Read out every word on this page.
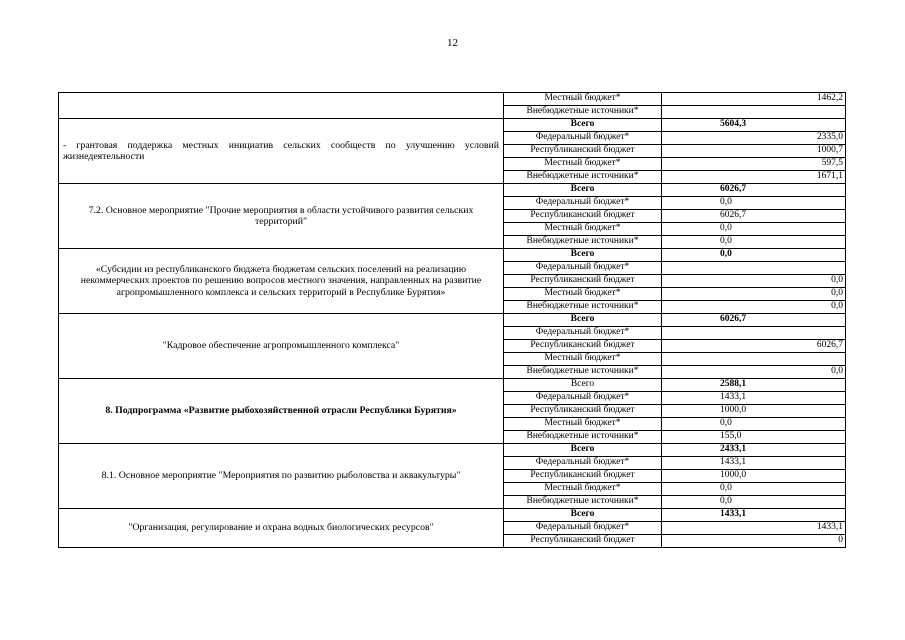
12
	Местный бюджет*	1462,2

	Внебюджетные источники*	

- грантовая поддержка местных инициатив сельских сообществ по улучшению условий жизнедеятельности	Всего	5604,3

	Федеральный бюджет*	2335,0

	Республиканский бюджет	1000,7

	Местный бюджет*	597,5

	Внебюджетные источники*	1671,1

7.2. Основное мероприятие "Прочие мероприятия в области устойчивого развития сельских территорий"	Всего	6026,7

	Федеральный бюджет*	0,0

	Республиканский бюджет	6026,7

	Местный бюджет*	0,0

	Внебюджетные источники*	0,0

«Субсидии из республиканского бюджета бюджетам сельских поселений на реализацию некоммерческих проектов по решению вопросов местного значения, направленных на развитие агропромышленного комплекса и сельских территорий в Республике Бурятия»	Всего	0,0

	Федеральный бюджет*	

	Республиканский бюджет	0,0

	Местный бюджет*	0,0

	Внебюджетные источники*	0,0

"Кадровое обеспечение агропромышленного комплекса"	Всего	6026,7

	Федеральный бюджет*	

	Республиканский бюджет	6026,7

	Местный бюджет*	

	Внебюджетные источники*	0,0

8. Подпрограмма «Развитие рыбохозяйственной отрасли Республики Бурятия»	Всего	2588,1

	Федеральный бюджет*	1433,1

	Республиканский бюджет	1000,0

	Местный бюджет*	0,0

	Внебюджетные источники*	155,0

8.1. Основное мероприятие "Мероприятия по развитию рыболовства и аквакультуры"	Всего	2433,1

	Федеральный бюджет*	1433,1

	Республиканский бюджет	1000,0

	Местный бюджет*	0,0

	Внебюджетные источники*	0,0

"Организация, регулирование и охрана водных биологических ресурсов"	Всего	1433,1

	Федеральный бюджет*	1433,1

	Республиканский бюджет	0
